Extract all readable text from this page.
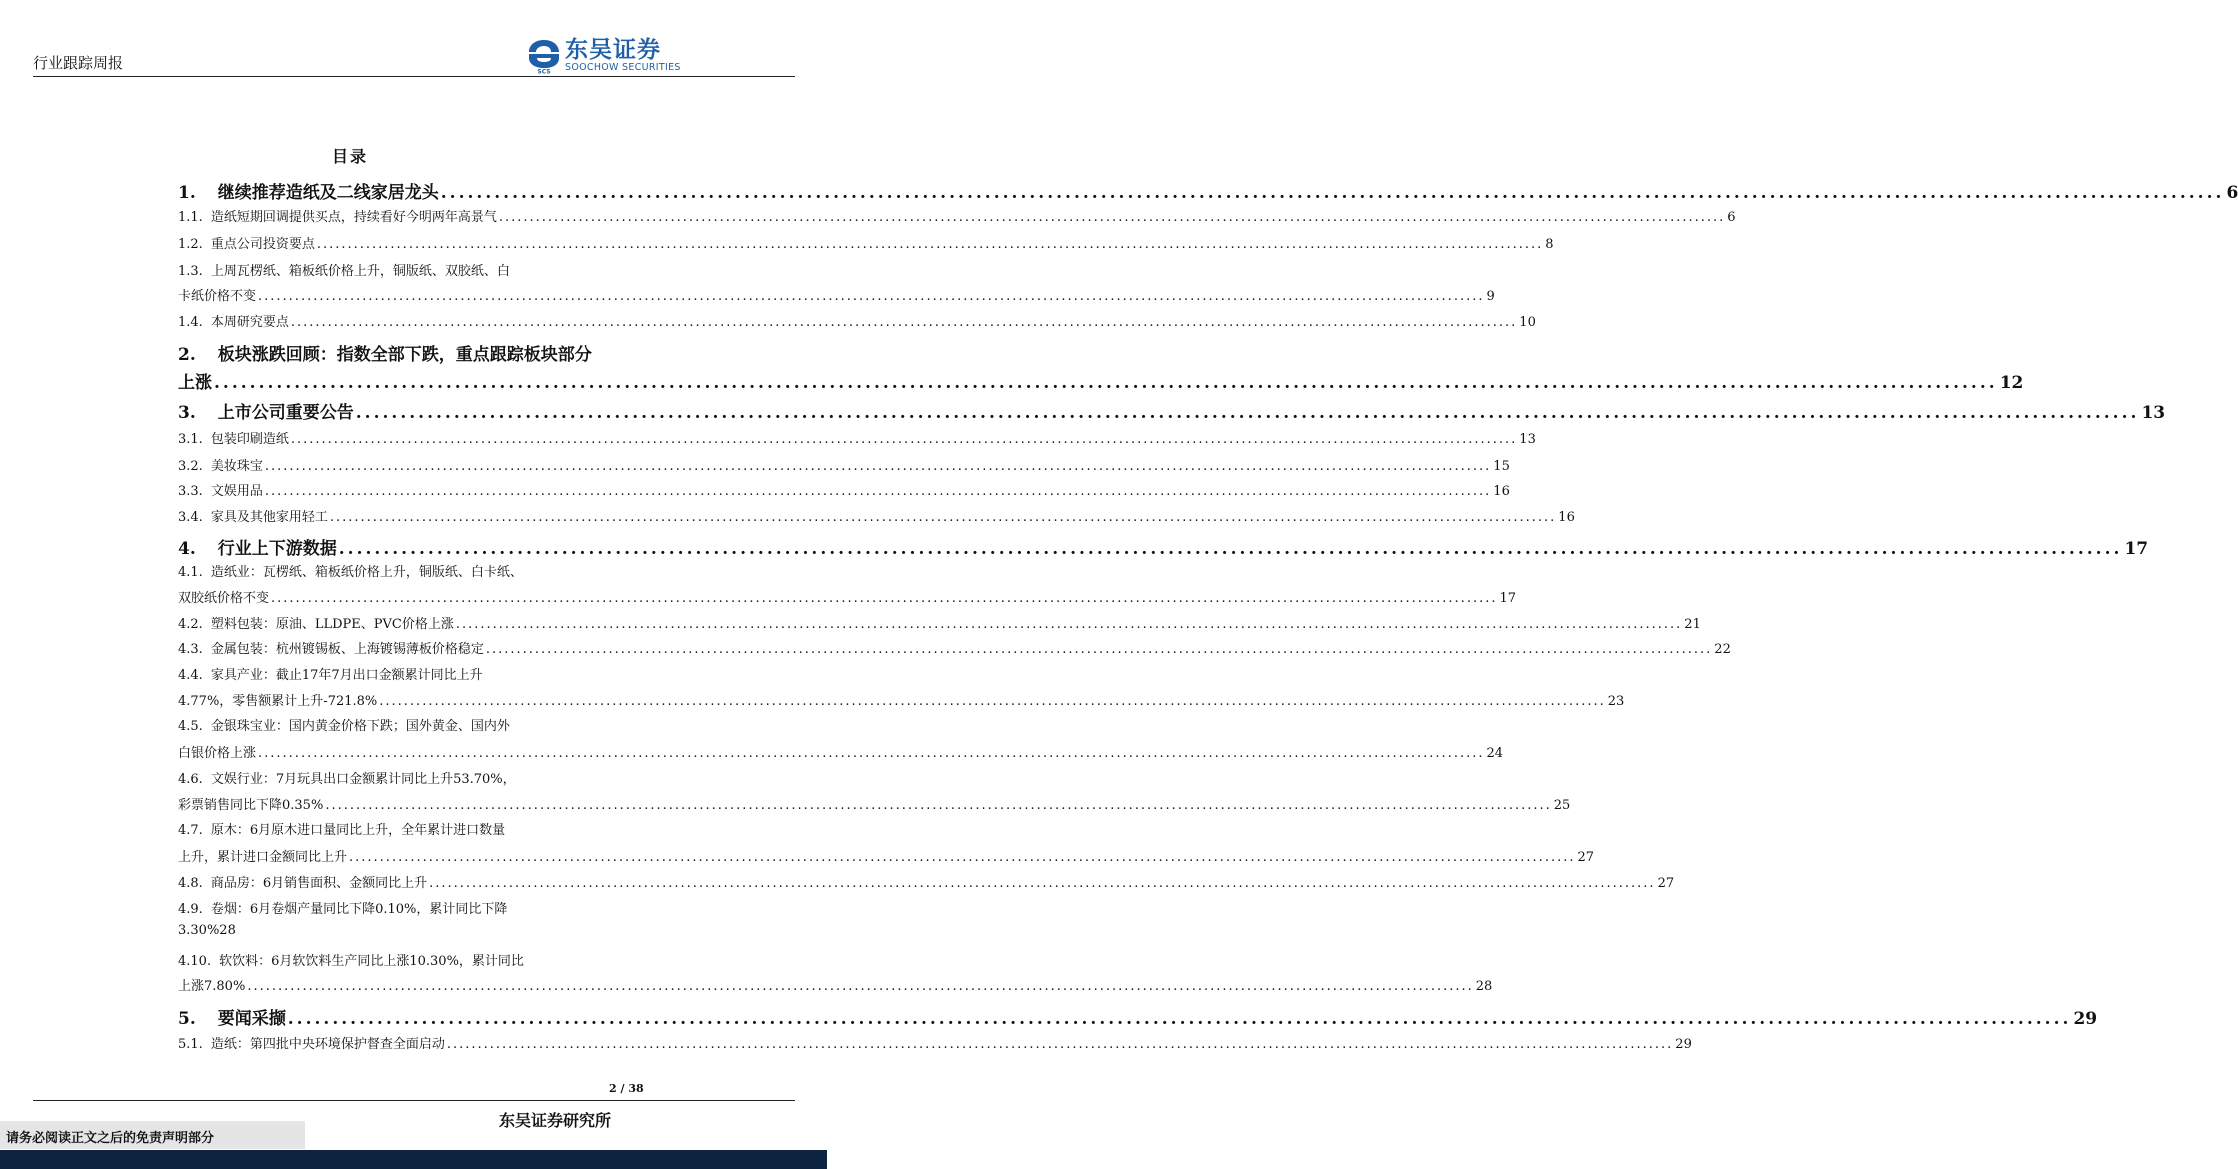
行业跟踪周报	SCS
东吴证券
SOOCHOW SECURITIES
目录
1. 继续推荐造纸及二线家居龙头 ........................................................................................................................................................................................................ 6
1.1. 造纸短期回调提供买点，持续看好今明两年高景气 ........................................................................................................................................................................................................ 6
1.2. 重点公司投资要点 ........................................................................................................................................................................................................ 8
1.3. 上周瓦楞纸、箱板纸价格上升，铜版纸、双胶纸、白
卡纸价格不变 ........................................................................................................................................................................................................ 9
1.4. 本周研究要点 ........................................................................................................................................................................................................ 10
2. 板块涨跌回顾：指数全部下跌，重点跟踪板块部分
上涨 ........................................................................................................................................................................................................ 12
3. 上市公司重要公告 ........................................................................................................................................................................................................ 13
3.1. 包装印刷造纸 ........................................................................................................................................................................................................ 13
3.2. 美妆珠宝 ........................................................................................................................................................................................................ 15
3.3. 文娱用品 ........................................................................................................................................................................................................ 16
3.4. 家具及其他家用轻工 ........................................................................................................................................................................................................ 16
4. 行业上下游数据 ........................................................................................................................................................................................................ 17
4.1. 造纸业：瓦楞纸、箱板纸价格上升，铜版纸、白卡纸、
双胶纸价格不变 ........................................................................................................................................................................................................ 17
4.2. 塑料包装：原油、LLDPE、PVC价格上涨 ........................................................................................................................................................................................................ 21
4.3. 金属包装：杭州镀锡板、上海镀锡薄板价格稳定 ........................................................................................................................................................................................................ 22
4.4. 家具产业：截止17年7月出口金额累计同比上升
4.77%，零售额累计上升-721.8% ........................................................................................................................................................................................................ 23
4.5. 金银珠宝业：国内黄金价格下跌；国外黄金、国内外
白银价格上涨 ........................................................................................................................................................................................................ 24
4.6. 文娱行业：7月玩具出口金额累计同比上升53.70%，
彩票销售同比下降0.35% ........................................................................................................................................................................................................ 25
4.7. 原木：6月原木进口量同比上升，全年累计进口数量
上升，累计进口金额同比上升 ........................................................................................................................................................................................................ 27
4.8. 商品房：6月销售面积、金额同比上升 ........................................................................................................................................................................................................ 27
4.9. 卷烟：6月卷烟产量同比下降0.10%，累计同比下降
3.30%28
4.10. 软饮料：6月软饮料生产同比上涨10.30%，累计同比
上涨7.80% ........................................................................................................................................................................................................ 28
5. 要闻采撷 ........................................................................................................................................................................................................ 29
5.1. 造纸：第四批中央环境保护督查全面启动 ........................................................................................................................................................................................................ 29
2 / 38
东吴证券研究所
请务必阅读正文之后的免责声明部分
